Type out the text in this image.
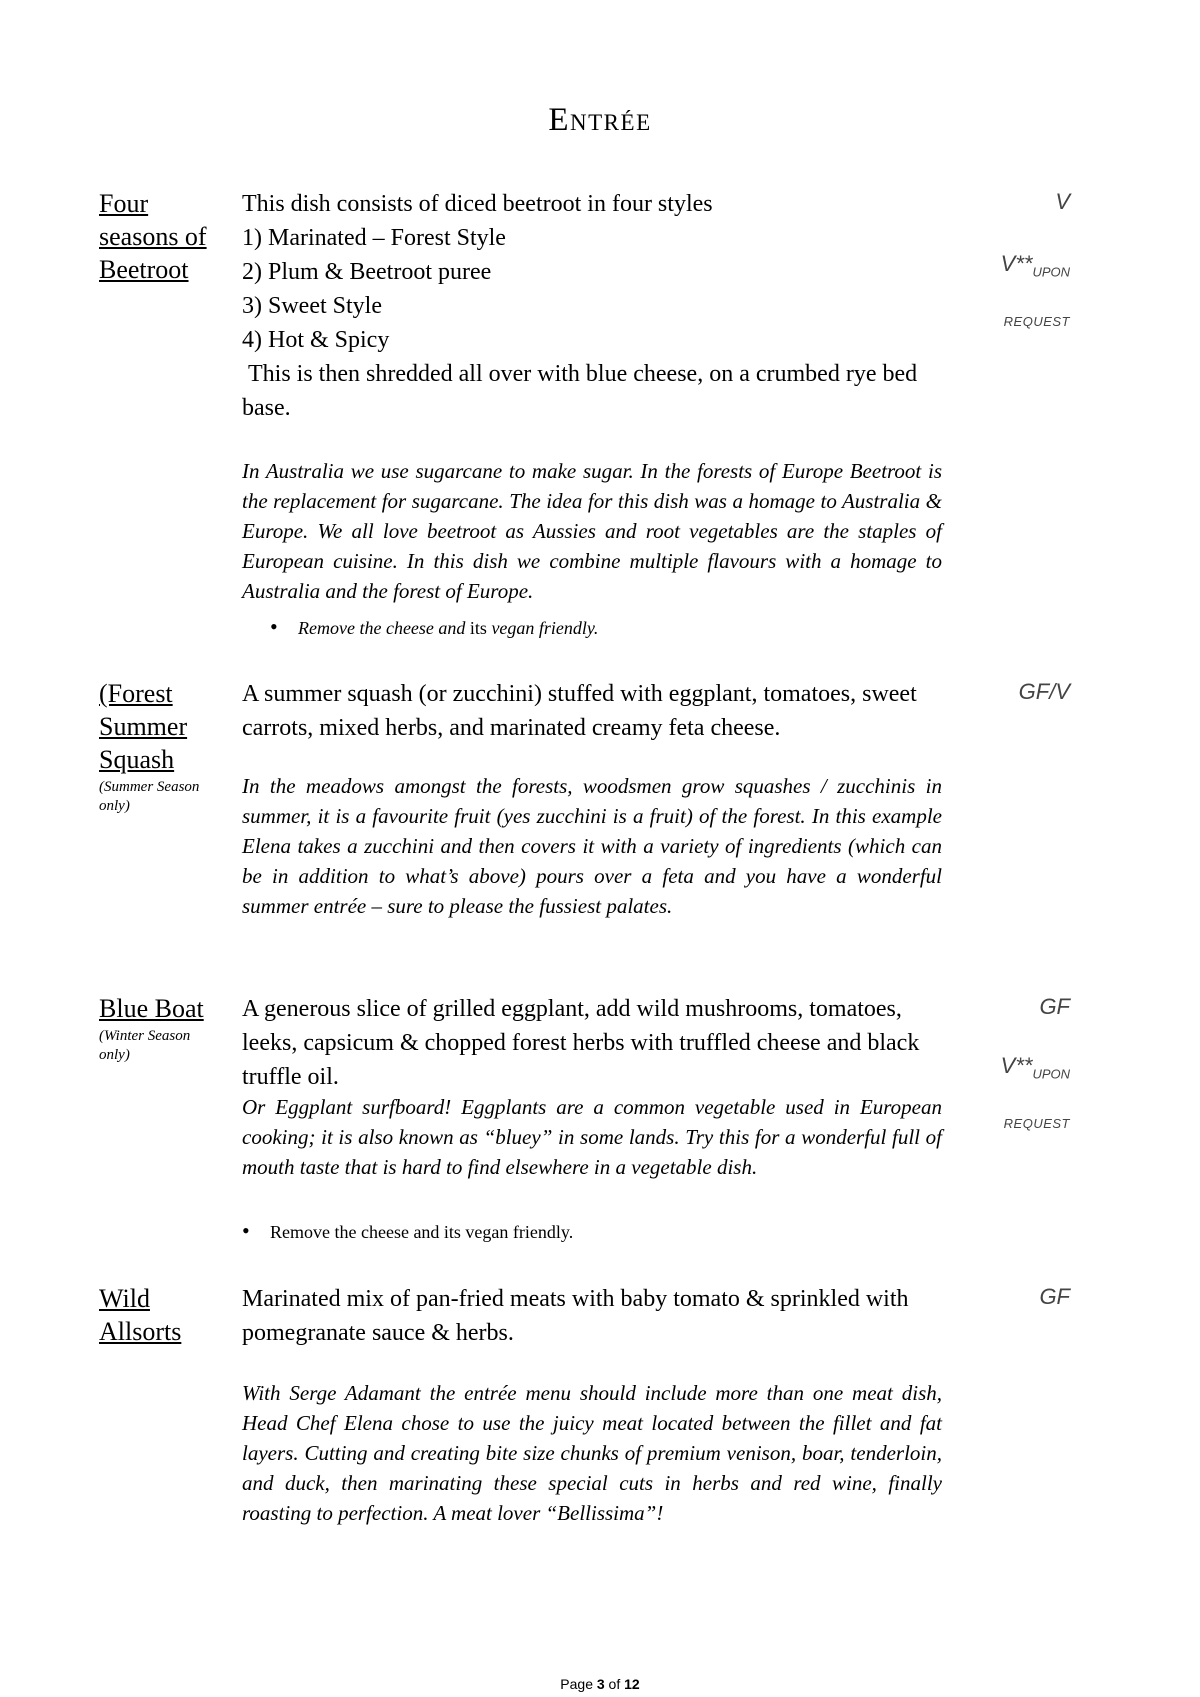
Entrée
Four seasons of Beetroot
This dish consists of diced beetroot in four styles
1) Marinated – Forest Style
2) Plum & Beetroot puree
3) Sweet Style
4) Hot & Spicy
This is then shredded all over with blue cheese, on a crumbed rye bed base.
In Australia we use sugarcane to make sugar. In the forests of Europe Beetroot is the replacement for sugarcane. The idea for this dish was a homage to Australia & Europe. We all love beetroot as Aussies and root vegetables are the staples of European cuisine. In this dish we combine multiple flavours with a homage to Australia and the forest of Europe.
• Remove the cheese and its vegan friendly.
V
$V**_{UPON}$
REQUEST
(Forest Summer Squash
(Summer Season only)
A summer squash (or zucchini) stuffed with eggplant, tomatoes, sweet carrots, mixed herbs, and marinated creamy feta cheese.
In the meadows amongst the forests, woodsmen grow squashes / zucchinis in summer, it is a favourite fruit (yes zucchini is a fruit) of the forest. In this example Elena takes a zucchini and then covers it with a variety of ingredients (which can be in addition to what’s above) pours over a feta and you have a wonderful summer entrée – sure to please the fussiest palates.
GF/V
Blue Boat
(Winter Season only)
A generous slice of grilled eggplant, add wild mushrooms, tomatoes, leeks, capsicum & chopped forest herbs with truffled cheese and black truffle oil.
Or Eggplant surfboard! Eggplants are a common vegetable used in European cooking; it is also known as “bluey” in some lands. Try this for a wonderful full of mouth taste that is hard to find elsewhere in a vegetable dish.
• Remove the cheese and its vegan friendly.
GF
$V**_{UPON}$
REQUEST
Wild Allsorts
Marinated mix of pan-fried meats with baby tomato & sprinkled with pomegranate sauce & herbs.
With Serge Adamant the entrée menu should include more than one meat dish, Head Chef Elena chose to use the juicy meat located between the fillet and fat layers. Cutting and creating bite size chunks of premium venison, boar, tenderloin, and duck, then marinating these special cuts in herbs and red wine, finally roasting to perfection. A meat lover “Bellissima”!
GF
Page 3 of 12
